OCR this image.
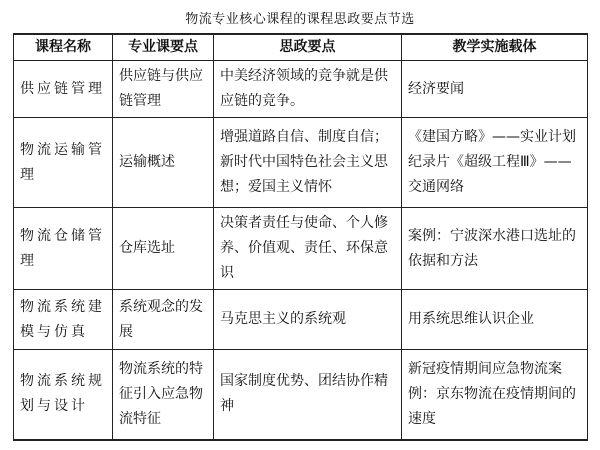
物流专业核心课程的课程思政要点节选
课程名称	专业课要点	思政要点	教学实施载体
供应链管理	供应链与供应链管理	中美经济领域的竞争就是供应链的竞争。	经济要闻
物流运输管理	运输概述	增强道路自信、制度自信；新时代中国特色社会主义思想；爱国主义情怀	《建国方略》——实业计划纪录片《超级工程Ⅲ》——交通网络
物流仓储管理	仓库选址	决策者责任与使命、个人修养、价值观、责任、环保意识	案例：宁波深水港口选址的依据和方法
物流系统建模与仿真	系统观念的发展	马克思主义的系统观	用系统思维认识企业
物流系统规划与设计	物流系统的特征引入应急物流特征	国家制度优势、团结协作精神	新冠疫情期间应急物流案例：京东物流在疫情期间的速度
